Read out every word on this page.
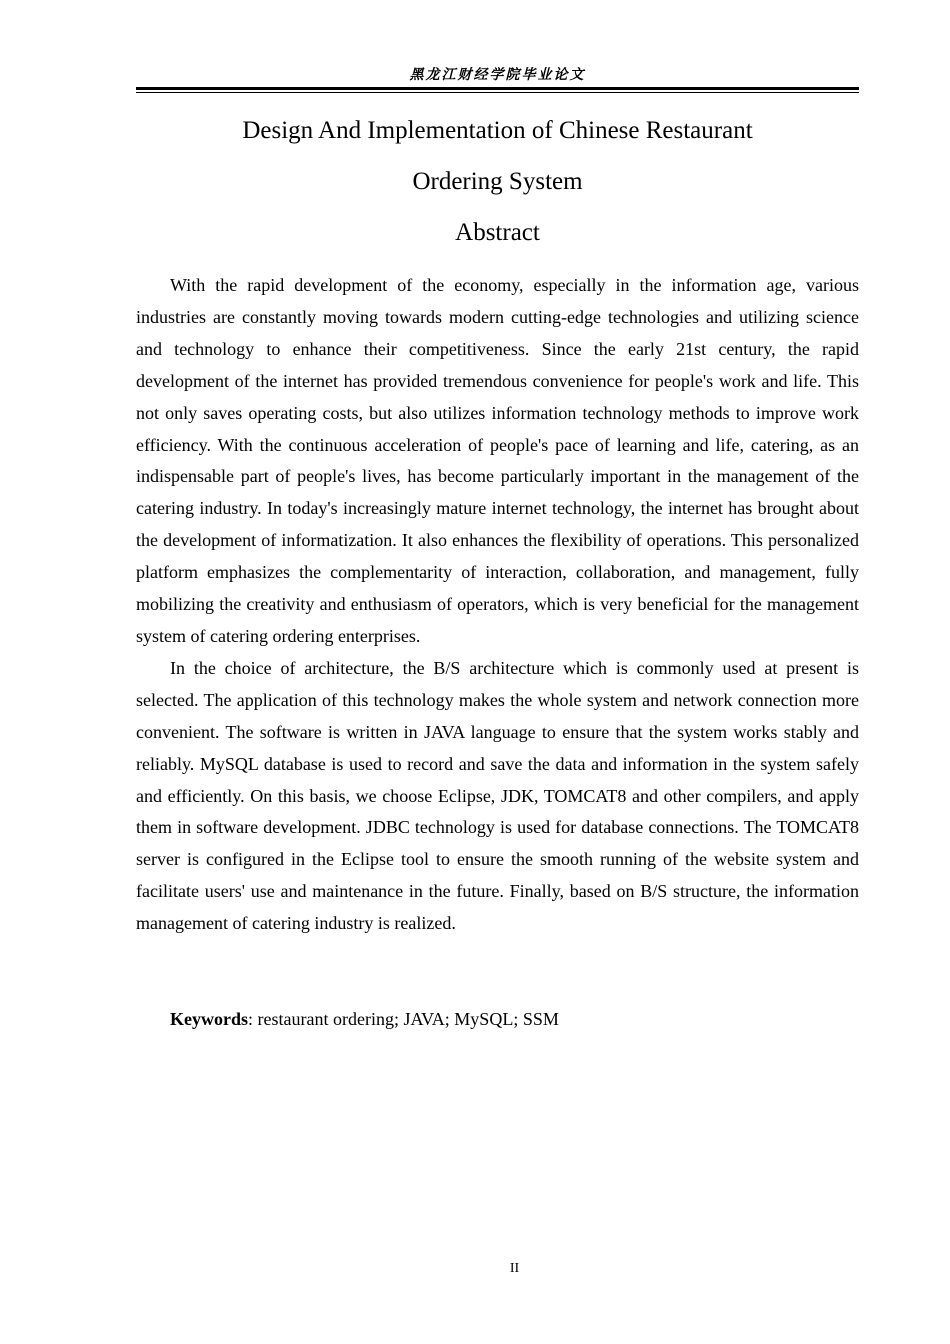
黑龙江财经学院毕业论文
Design And Implementation of Chinese Restaurant
Ordering System
Abstract

With the rapid development of the economy, especially in the information age, various industries are constantly moving towards modern cutting-edge technologies and utilizing science and technology to enhance their competitiveness. Since the early 21st century, the rapid development of the internet has provided tremendous convenience for people's work and life. This not only saves operating costs, but also utilizes information technology methods to improve work efficiency. With the continuous acceleration of people's pace of learning and life, catering, as an indispensable part of people's lives, has become particularly important in the management of the catering industry. In today's increasingly mature internet technology, the internet has brought about the development of informatization. It also enhances the flexibility of operations. This personalized platform emphasizes the complementarity of interaction, collaboration, and management, fully mobilizing the creativity and enthusiasm of operators, which is very beneficial for the management system of catering ordering enterprises.

In the choice of architecture, the B/S architecture which is commonly used at present is selected. The application of this technology makes the whole system and network connection more convenient. The software is written in JAVA language to ensure that the system works stably and reliably. MySQL database is used to record and save the data and information in the system safely and efficiently. On this basis, we choose Eclipse, JDK, TOMCAT8 and other compilers, and apply them in software development. JDBC technology is used for database connections. The TOMCAT8 server is configured in the Eclipse tool to ensure the smooth running of the website system and facilitate users' use and maintenance in the future. Finally, based on B/S structure, the information management of catering industry is realized.

Keywords: restaurant ordering; JAVA; MySQL; SSM
II
